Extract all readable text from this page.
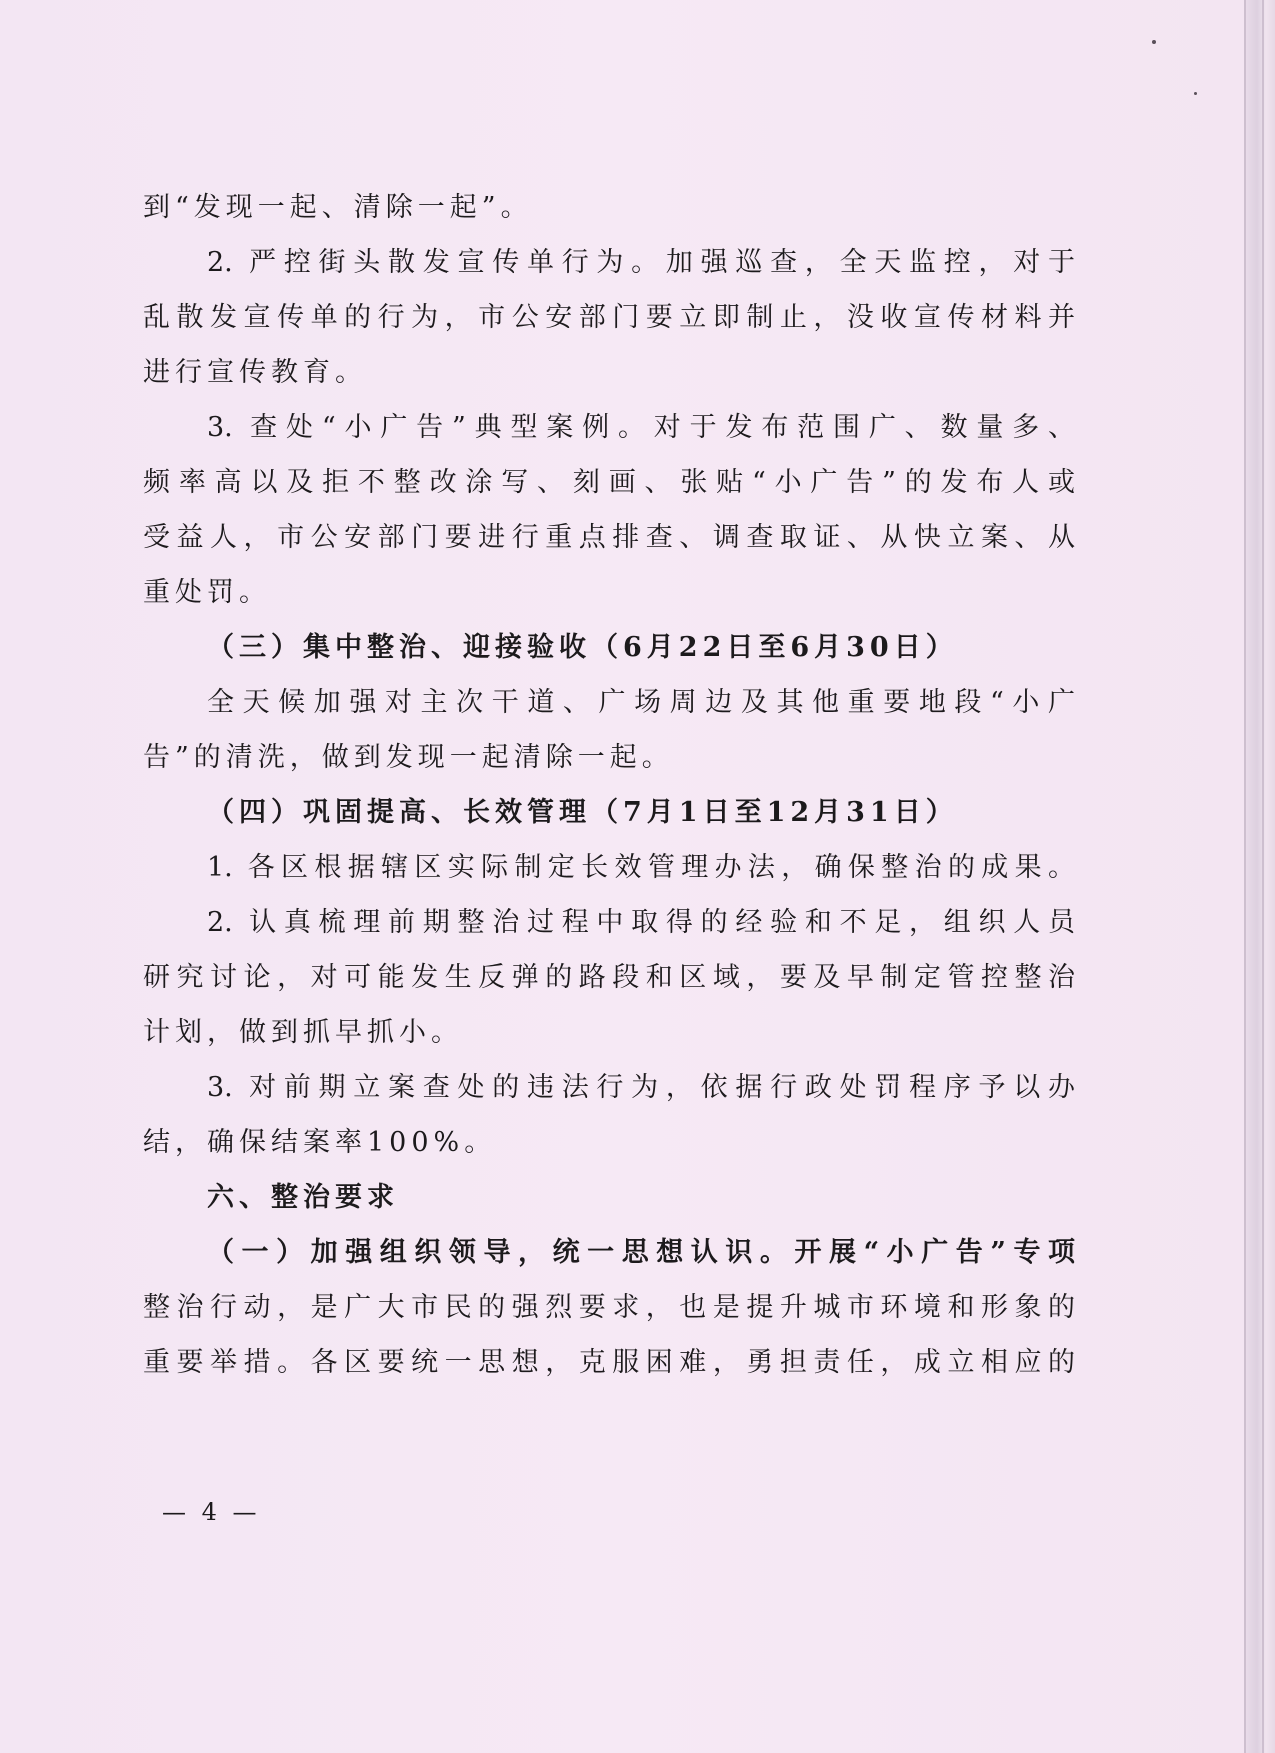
到“发现一起、清除一起”。
2. 严控街头散发宣传单行为。加强巡查，全天监控，对于
乱散发宣传单的行为，市公安部门要立即制止，没收宣传材料并
进行宣传教育。
3. 查处“小广告”典型案例。对于发布范围广、数量多、
频率高以及拒不整改涂写、刻画、张贴“小广告”的发布人或
受益人，市公安部门要进行重点排查、调查取证、从快立案、从
重处罚。
（三）集中整治、迎接验收（6月22日至6月30日）
全天候加强对主次干道、广场周边及其他重要地段“小广
告”的清洗，做到发现一起清除一起。
（四）巩固提高、长效管理（7月1日至12月31日）
1. 各区根据辖区实际制定长效管理办法，确保整治的成果。
2. 认真梳理前期整治过程中取得的经验和不足，组织人员
研究讨论，对可能发生反弹的路段和区域，要及早制定管控整治
计划，做到抓早抓小。
3. 对前期立案查处的违法行为，依据行政处罚程序予以办
结，确保结案率100%。
六、整治要求
（一）加强组织领导，统一思想认识。开展“小广告”专项
整治行动，是广大市民的强烈要求，也是提升城市环境和形象的
重要举措。各区要统一思想，克服困难，勇担责任，成立相应的
— 4 —
